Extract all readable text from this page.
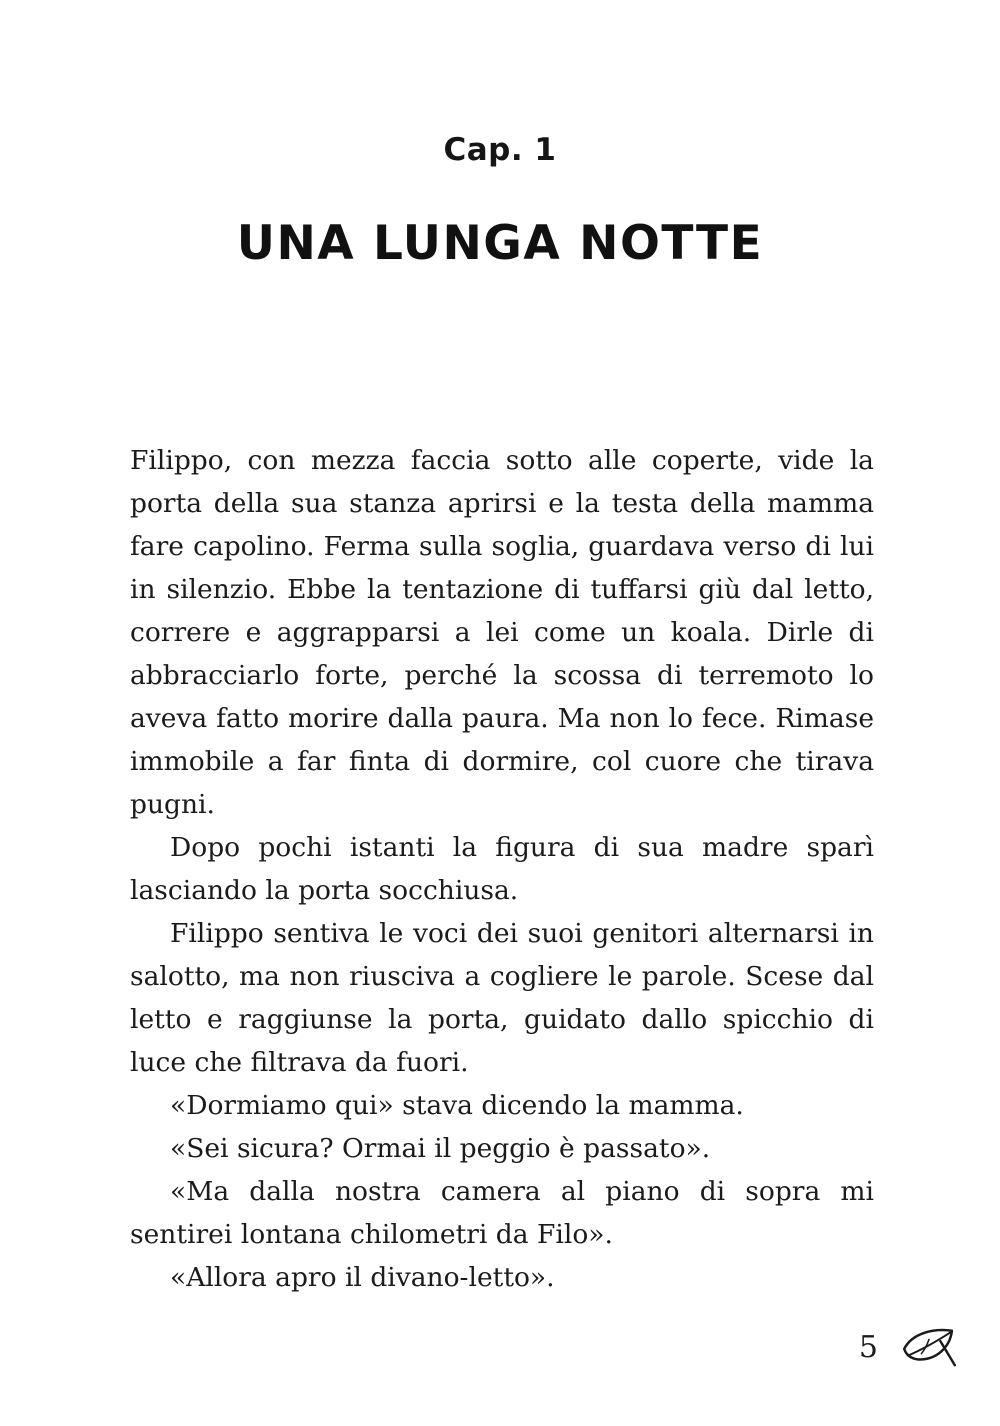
Cap. 1
UNA LUNGA NOTTE

Filippo, con mezza faccia sotto alle coperte, vide la porta della sua stanza aprirsi e la testa della mamma fare capolino. Ferma sulla soglia, guardava verso di lui in silenzio. Ebbe la tentazione di tuffarsi giù dal letto, correre e aggrapparsi a lei come un koala. Dirle di abbracciarlo forte, perché la scossa di terremoto lo aveva fatto morire dalla paura. Ma non lo fece. Rimase immobile a far finta di dormire, col cuore che tirava pugni.

Dopo pochi istanti la figura di sua madre sparì lasciando la porta socchiusa.

Filippo sentiva le voci dei suoi genitori alternarsi in salotto, ma non riusciva a cogliere le parole. Scese dal letto e raggiunse la porta, guidato dallo spicchio di luce che filtrava da fuori.

«Dormiamo qui» stava dicendo la mamma.

«Sei sicura? Ormai il peggio è passato».

«Ma dalla nostra camera al piano di sopra mi sentirei lontana chilometri da Filo».

«Allora apro il divano-letto».

5
